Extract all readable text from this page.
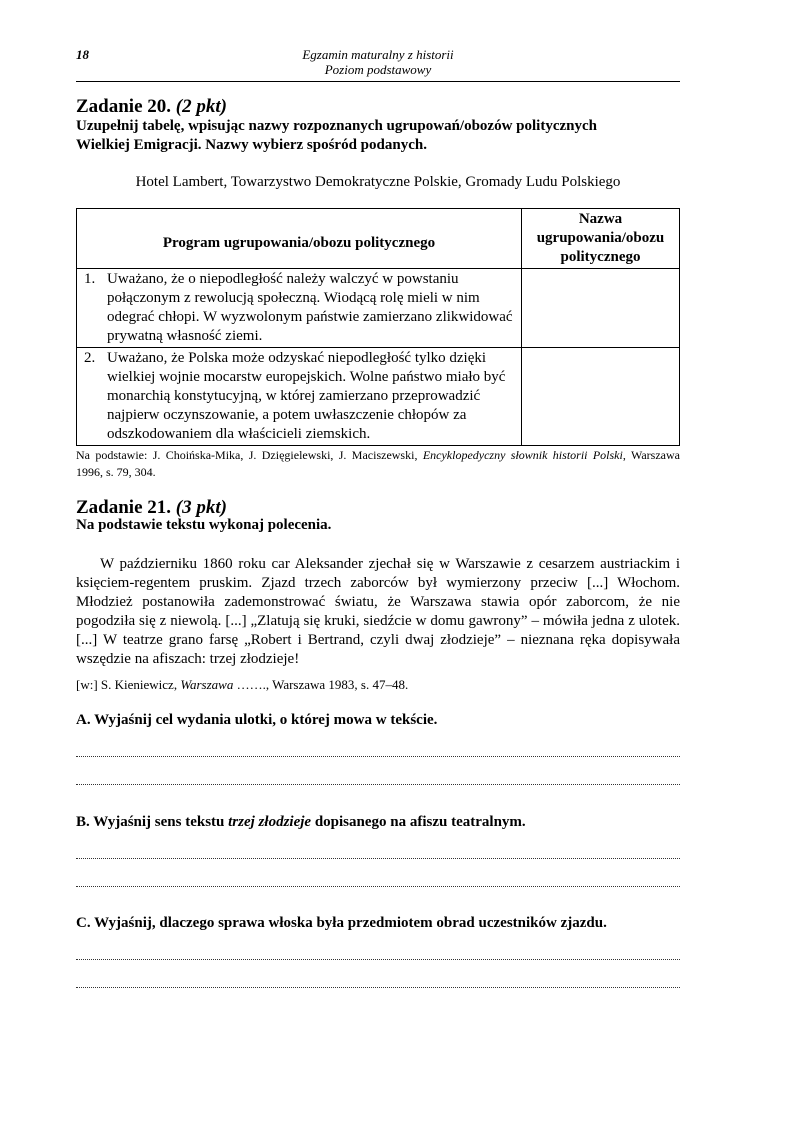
18	Egzamin maturalny z historii
Poziom podstawowy
Zadanie 20. (2 pkt)
Uzupełnij tabelę, wpisując nazwy rozpoznanych ugrupowań/obozów politycznych
Wielkiej Emigracji. Nazwy wybierz spośród podanych.
Hotel Lambert, Towarzystwo Demokratyczne Polskie, Gromady Ludu Polskiego
Program ugrupowania/obozu politycznego	Nazwa ugrupowania/obozu politycznego

1. Uważano, że o niepodległość należy walczyć w powstaniu połączonym z rewolucją społeczną. Wiodącą rolę mieli w nim odegrać chłopi. W wyzwolonym państwie zamierzano zlikwidować prywatną własność ziemi.	

2. Uważano, że Polska może odzyskać niepodległość tylko dzięki wielkiej wojnie mocarstw europejskich. Wolne państwo miało być monarchią konstytucyjną, w której zamierzano przeprowadzić najpierw oczynszowanie, a potem uwłaszczenie chłopów za odszkodowaniem dla właścicieli ziemskich.	

Na podstawie: J. Choińska-Mika, J. Dzięgielewski, J. Maciszewski, Encyklopedyczny słownik historii Polski, Warszawa 1996, s. 79, 304.
Zadanie 21. (3 pkt)
Na podstawie tekstu wykonaj polecenia.
W październiku 1860 roku car Aleksander zjechał się w Warszawie z cesarzem austriackim i księciem-regentem pruskim. Zjazd trzech zaborców był wymierzony przeciw [...] Włochom. Młodzież postanowiła zademonstrować światu, że Warszawa stawia opór zaborcom, że nie pogodziła się z niewolą. [...] „Zlatują się kruki, siedźcie w domu gawrony” – mówiła jedna z ulotek. [...] W teatrze grano farsę „Robert i Bertrand, czyli dwaj złodzieje” – nieznana ręka dopisywała wszędzie na afiszach: trzej złodzieje!
[w:] S. Kieniewicz, Warszawa ……., Warszawa 1983, s. 47–48.
A. Wyjaśnij cel wydania ulotki, o której mowa w tekście.
B. Wyjaśnij sens tekstu trzej złodzieje dopisanego na afiszu teatralnym.
C. Wyjaśnij, dlaczego sprawa włoska była przedmiotem obrad uczestników zjazdu.
